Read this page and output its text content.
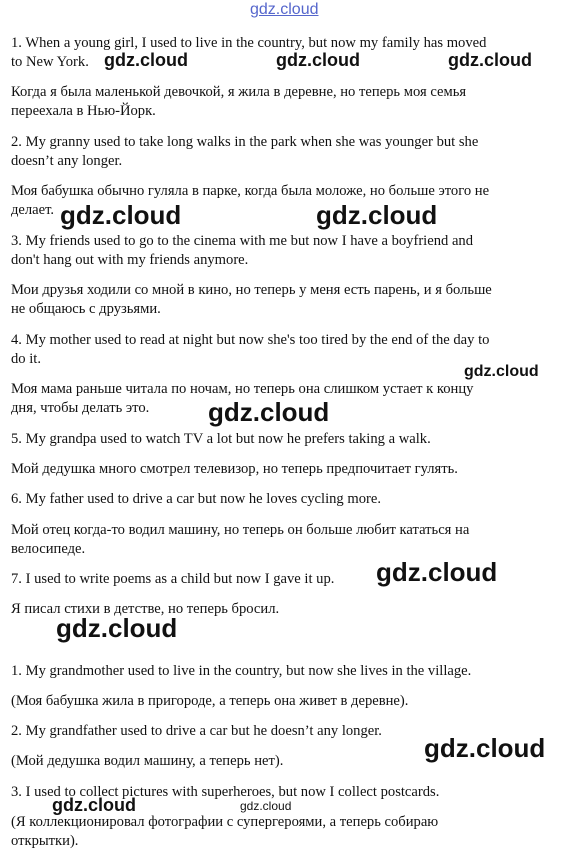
gdz.cloud
gdz.cloud	gdz.cloud	gdz.cloud
gdz.cloud	gdz.cloud
gdz.cloud
gdz.cloud
gdz.cloud
gdz.cloud
gdz.cloud
gdz.cloud	gdz.cloud
1. When a young girl, I used to live in the country, but now my family has moved
to New York.
Когда я была маленькой девочкой, я жила в деревне, но теперь моя семья
переехала в Нью-Йорк.
2. My granny used to take long walks in the park when she was younger but she
doesn’t any longer.
Моя бабушка обычно гуляла в парке, когда была моложе, но больше этого не
делает.
3. My friends used to go to the cinema with me but now I have a boyfriend and
don't hang out with my friends anymore.
Мои друзья ходили со мной в кино, но теперь у меня есть парень, и я больше
не общаюсь с друзьями.
4. My mother used to read at night but now she's too tired by the end of the day to
do it.
Моя мама раньше читала по ночам, но теперь она слишком устает к концу
дня, чтобы делать это.
5. My grandpa used to watch TV a lot but now he prefers taking a walk.
Мой дедушка много смотрел телевизор, но теперь предпочитает гулять.
6. My father used to drive a car but now he loves cycling more.
Мой отец когда-то водил машину, но теперь он больше любит кататься на
велосипеде.
7. I used to write poems as a child but now I gave it up.
Я писал стихи в детстве, но теперь бросил.
1. My grandmother used to live in the country, but now she lives in the village.
(Моя бабушка жила в пригороде, а теперь она живет в деревне).
2. My grandfather used to drive a car but he doesn’t any longer.
(Мой дедушка водил машину, а теперь нет).
3. I used to collect pictures with superheroes, but now I collect postcards.
(Я коллекционировал фотографии с супергероями, а теперь собираю
открытки).
